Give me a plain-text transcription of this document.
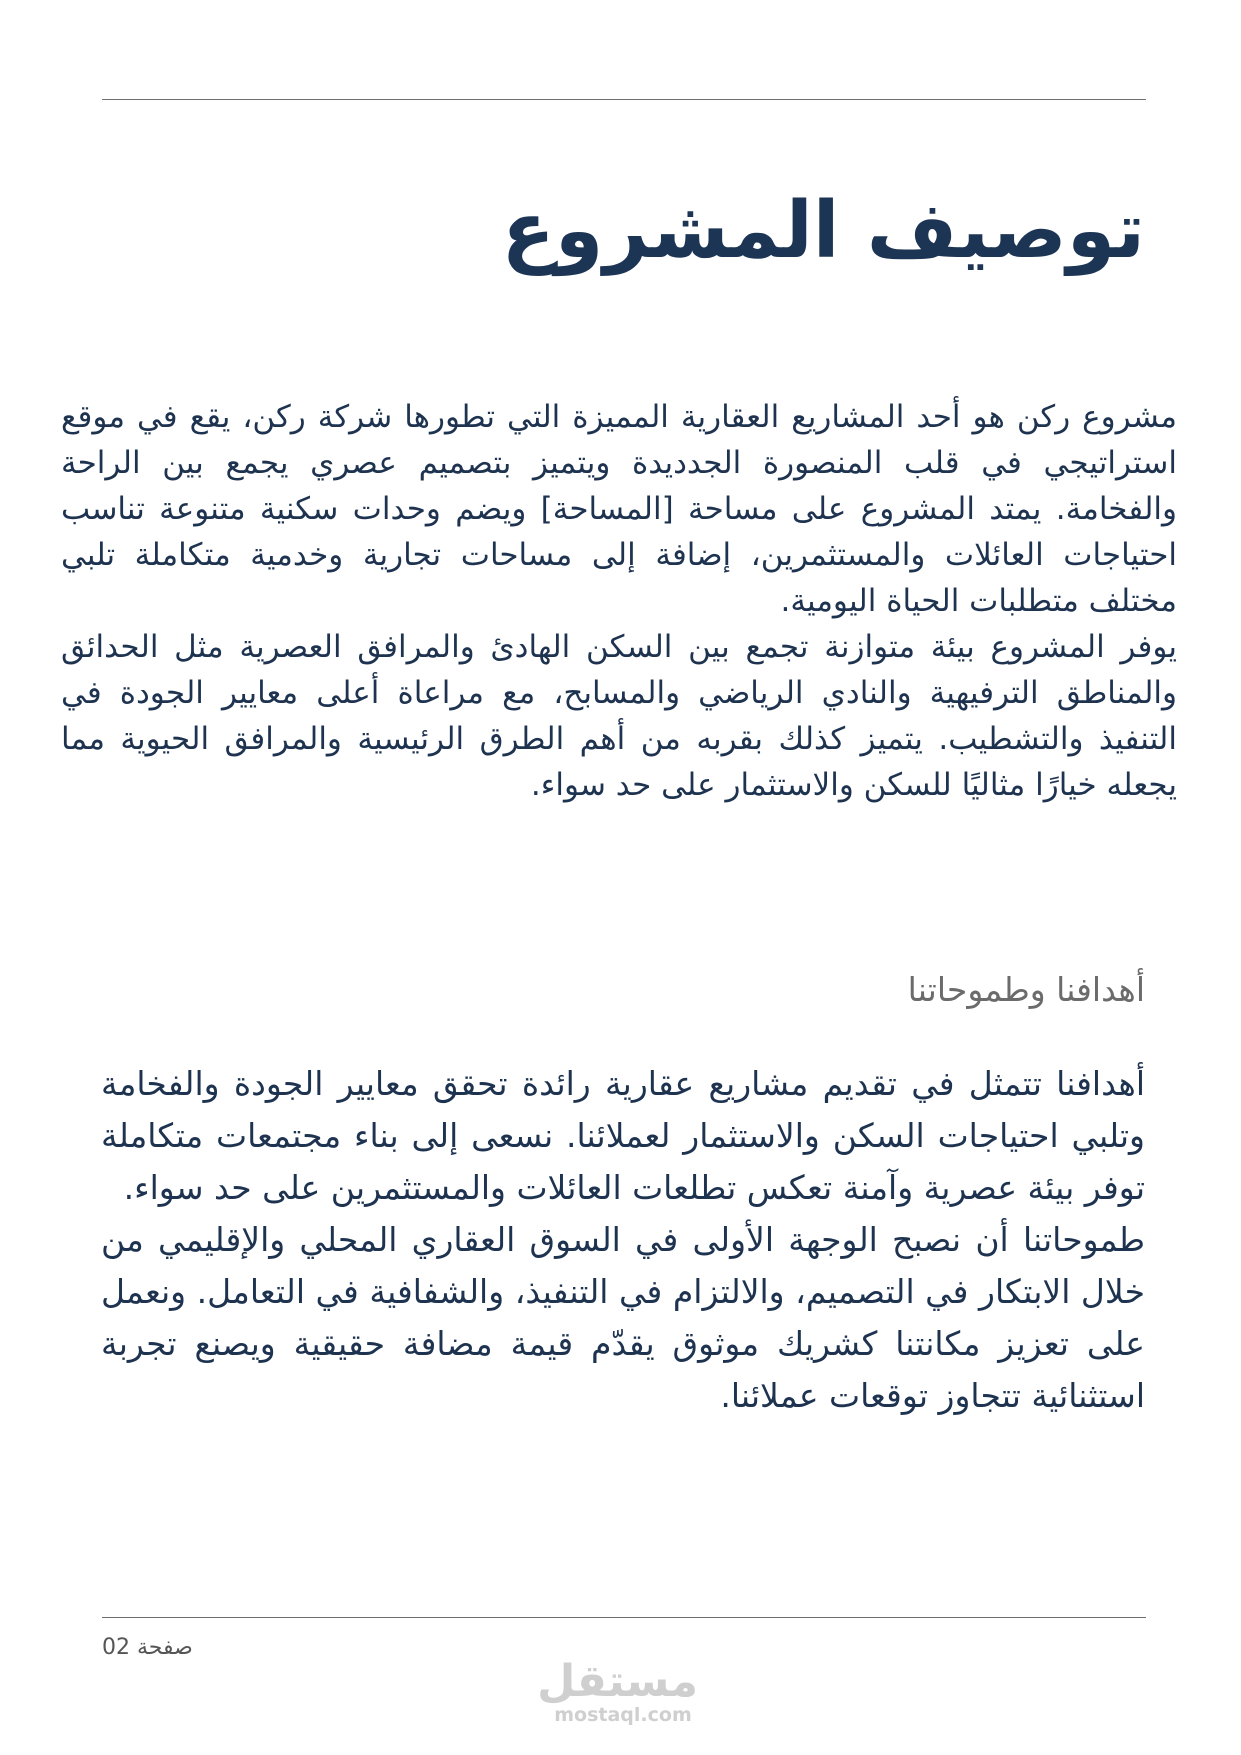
توصيف المشروع

مشروع ركن هو أحد المشاريع العقارية المميزة التي تطورها شركة ركن، يقع في موقع استراتيجي في قلب المنصورة الجدديدة ويتميز بتصميم عصري يجمع بين الراحة والفخامة. يمتد المشروع على مساحة [المساحة] ويضم وحدات سكنية متنوعة تناسب احتياجات العائلات والمستثمرين، إضافة إلى مساحات تجارية وخدمية متكاملة تلبي مختلف متطلبات الحياة اليومية.

يوفر المشروع بيئة متوازنة تجمع بين السكن الهادئ والمرافق العصرية مثل الحدائق والمناطق الترفيهية والنادي الرياضي والمسابح، مع مراعاة أعلى معايير الجودة في التنفيذ والتشطيب. يتميز كذلك بقربه من أهم الطرق الرئيسية والمرافق الحيوية مما يجعله خيارًا مثاليًا للسكن والاستثمار على حد سواء.

أهدافنا وطموحاتنا

أهدافنا تتمثل في تقديم مشاريع عقارية رائدة تحقق معايير الجودة والفخامة وتلبي احتياجات السكن والاستثمار لعملائنا. نسعى إلى بناء مجتمعات متكاملة توفر بيئة عصرية وآمنة تعكس تطلعات العائلات والمستثمرين على حد سواء.

طموحاتنا أن نصبح الوجهة الأولى في السوق العقاري المحلي والإقليمي من خلال الابتكار في التصميم، والالتزام في التنفيذ، والشفافية في التعامل. ونعمل على تعزيز مكانتنا كشريك موثوق يقدّم قيمة مضافة حقيقية ويصنع تجربة استثنائية تتجاوز توقعات عملائنا.

صفحة 02
مستقل
mostaql.com
